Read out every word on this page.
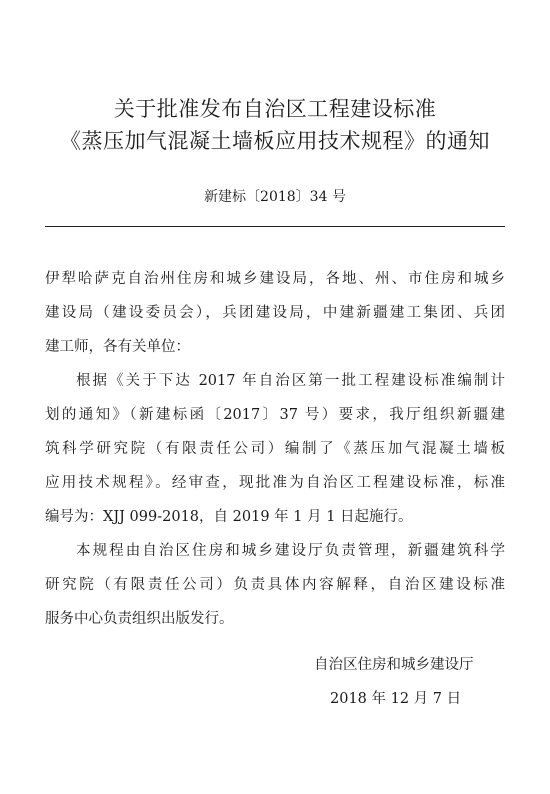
关于批准发布自治区工程建设标准
《蒸压加气混凝土墙板应用技术规程》的通知
新建标〔2018〕34 号
伊犁哈萨克自治州住房和城乡建设局，各地、州、市住房和城乡
建设局（建设委员会），兵团建设局，中建新疆建工集团、兵团
建工师，各有关单位：
根据《关于下达 2017 年自治区第一批工程建设标准编制计
划的通知》（新建标函〔2017〕37 号）要求，我厅组织新疆建
筑科学研究院（有限责任公司）编制了《蒸压加气混凝土墙板
应用技术规程》。经审查，现批准为自治区工程建设标准，标准
编号为：XJJ 099-2018，自 2019 年 1 月 1 日起施行。
本规程由自治区住房和城乡建设厅负责管理，新疆建筑科学
研究院（有限责任公司）负责具体内容解释，自治区建设标准
服务中心负责组织出版发行。
自治区住房和城乡建设厅
2018 年 12 月 7 日
